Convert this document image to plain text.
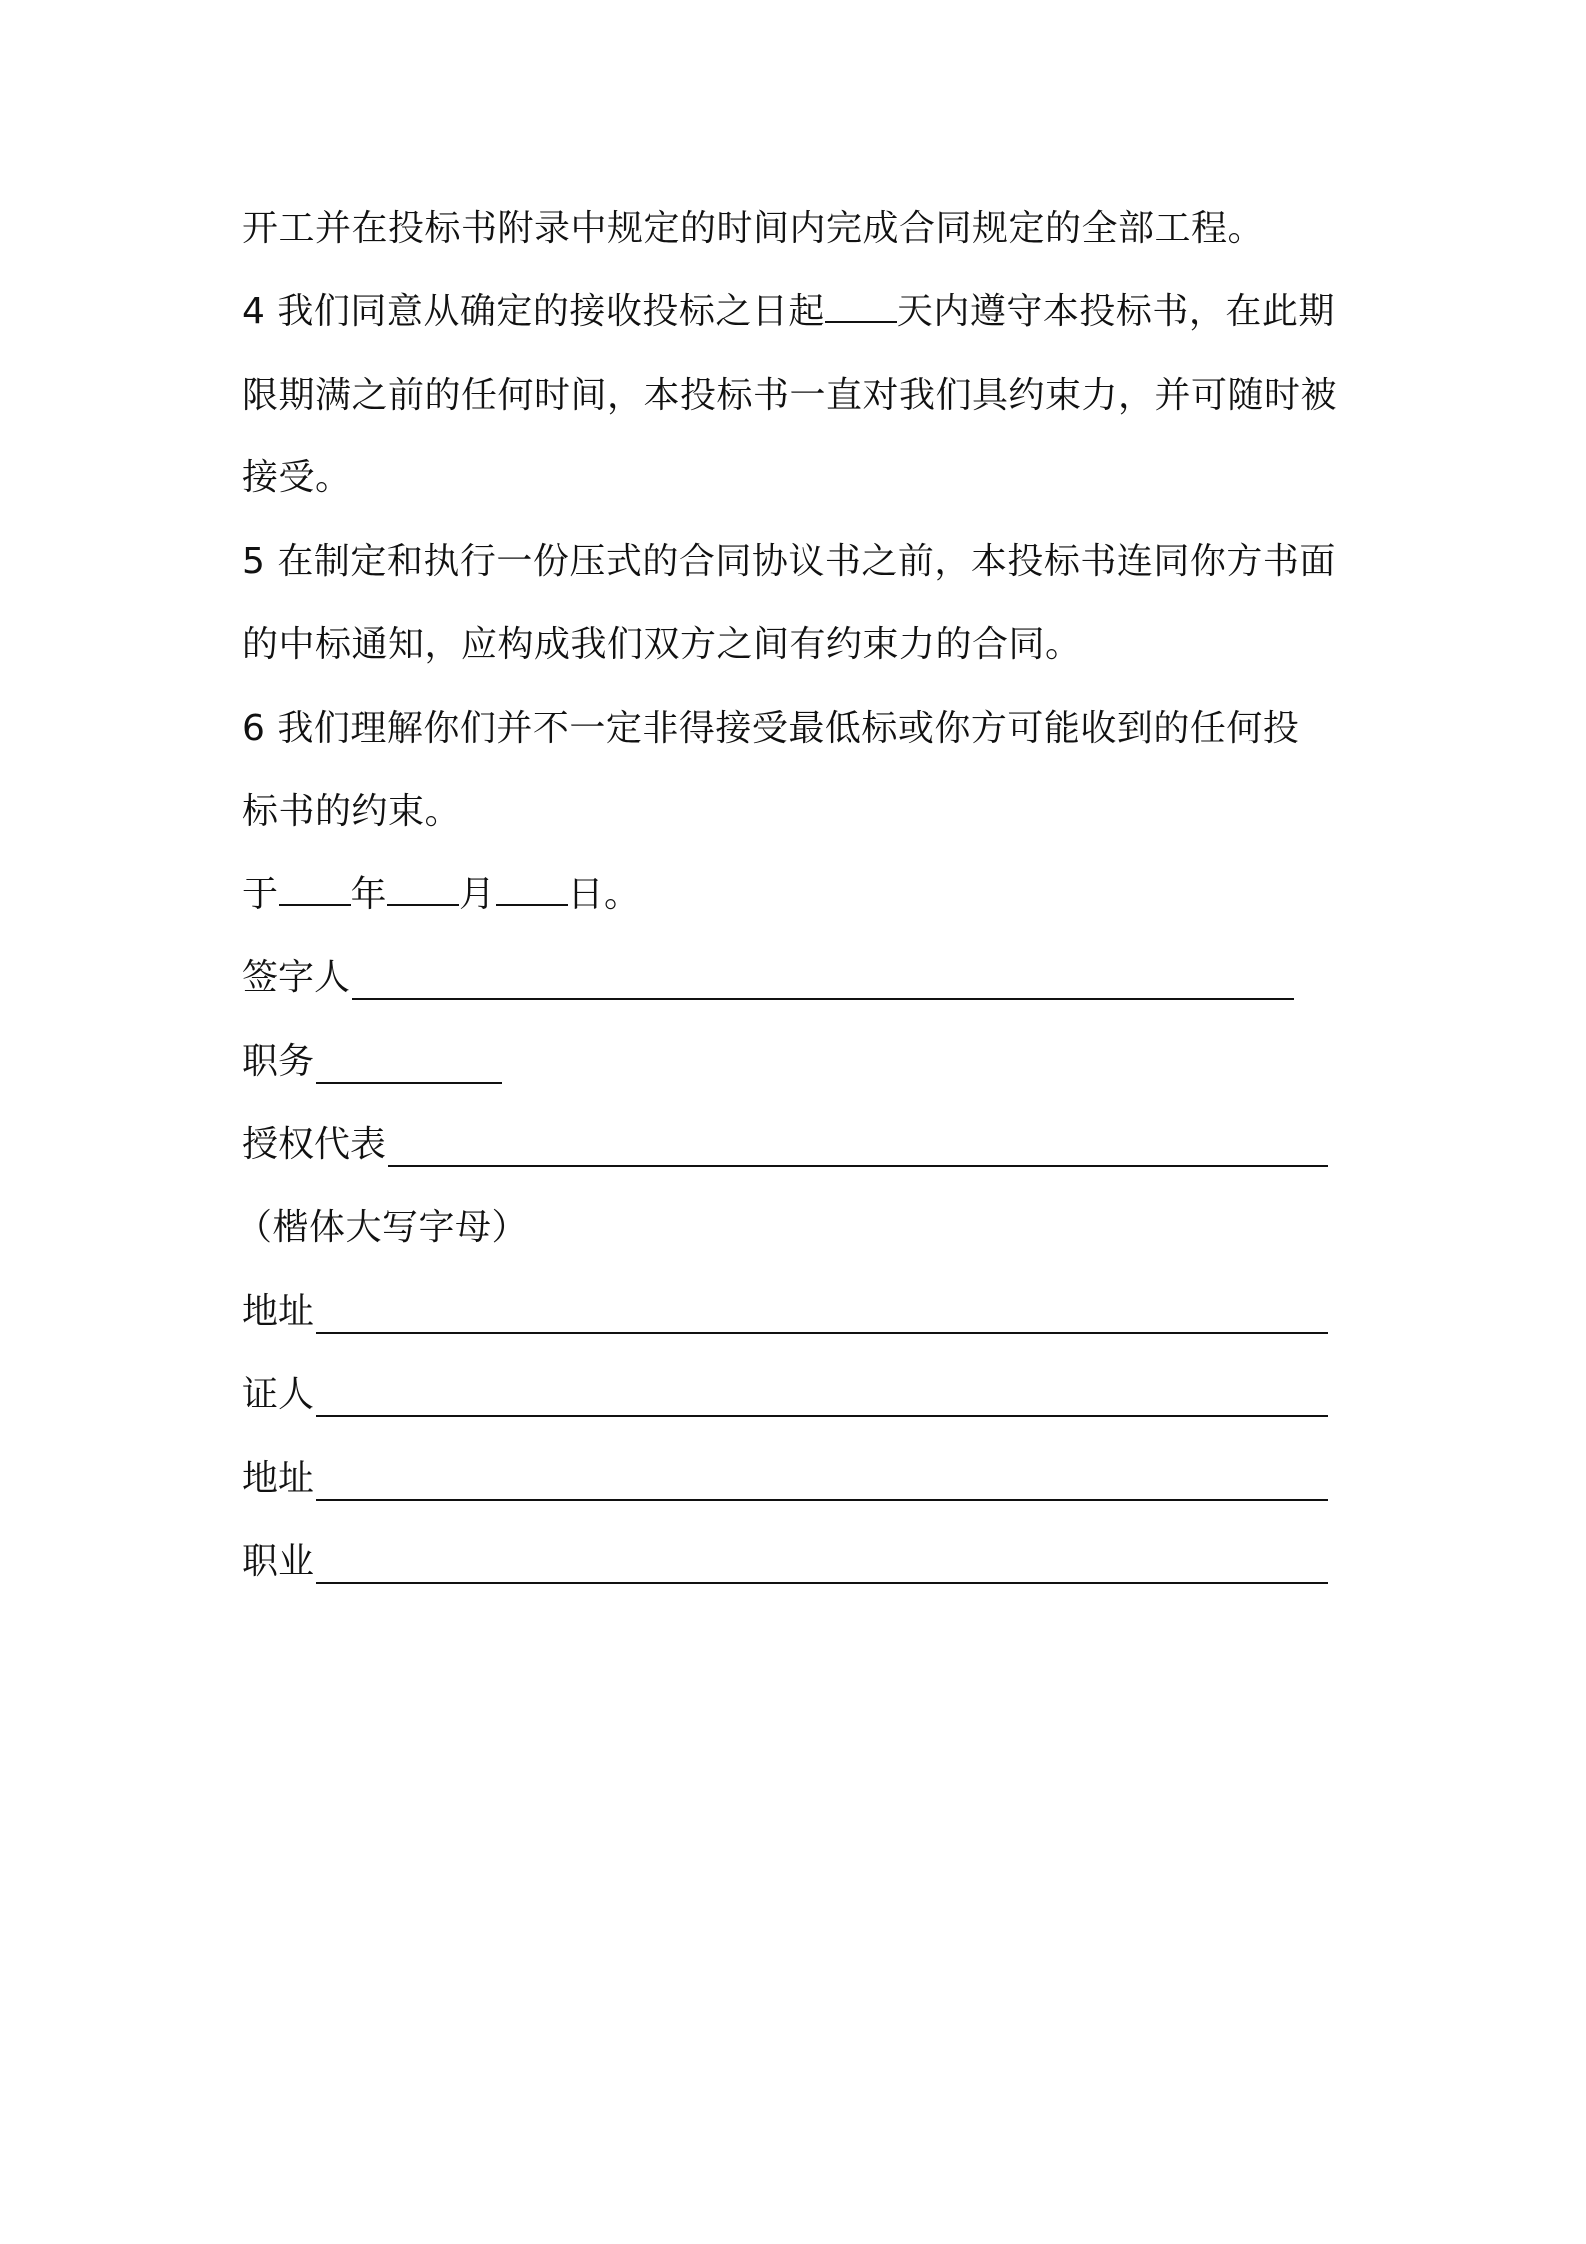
开工并在投标书附录中规定的时间内完成合同规定的全部工程。
4 我们同意从确定的接收投标之日起 天内遵守本投标书，在此期
限期满之前的任何时间，本投标书一直对我们具约束力，并可随时被
接受。
5 在制定和执行一份压式的合同协议书之前，本投标书连同你方书面
的中标通知，应构成我们双方之间有约束力的合同。
6 我们理解你们并不一定非得接受最低标或你方可能收到的任何投
标书的约束。
于 年 月 日。
签字人
职务
授权代表
（楷体大写字母）
地址
证人
地址
职业
